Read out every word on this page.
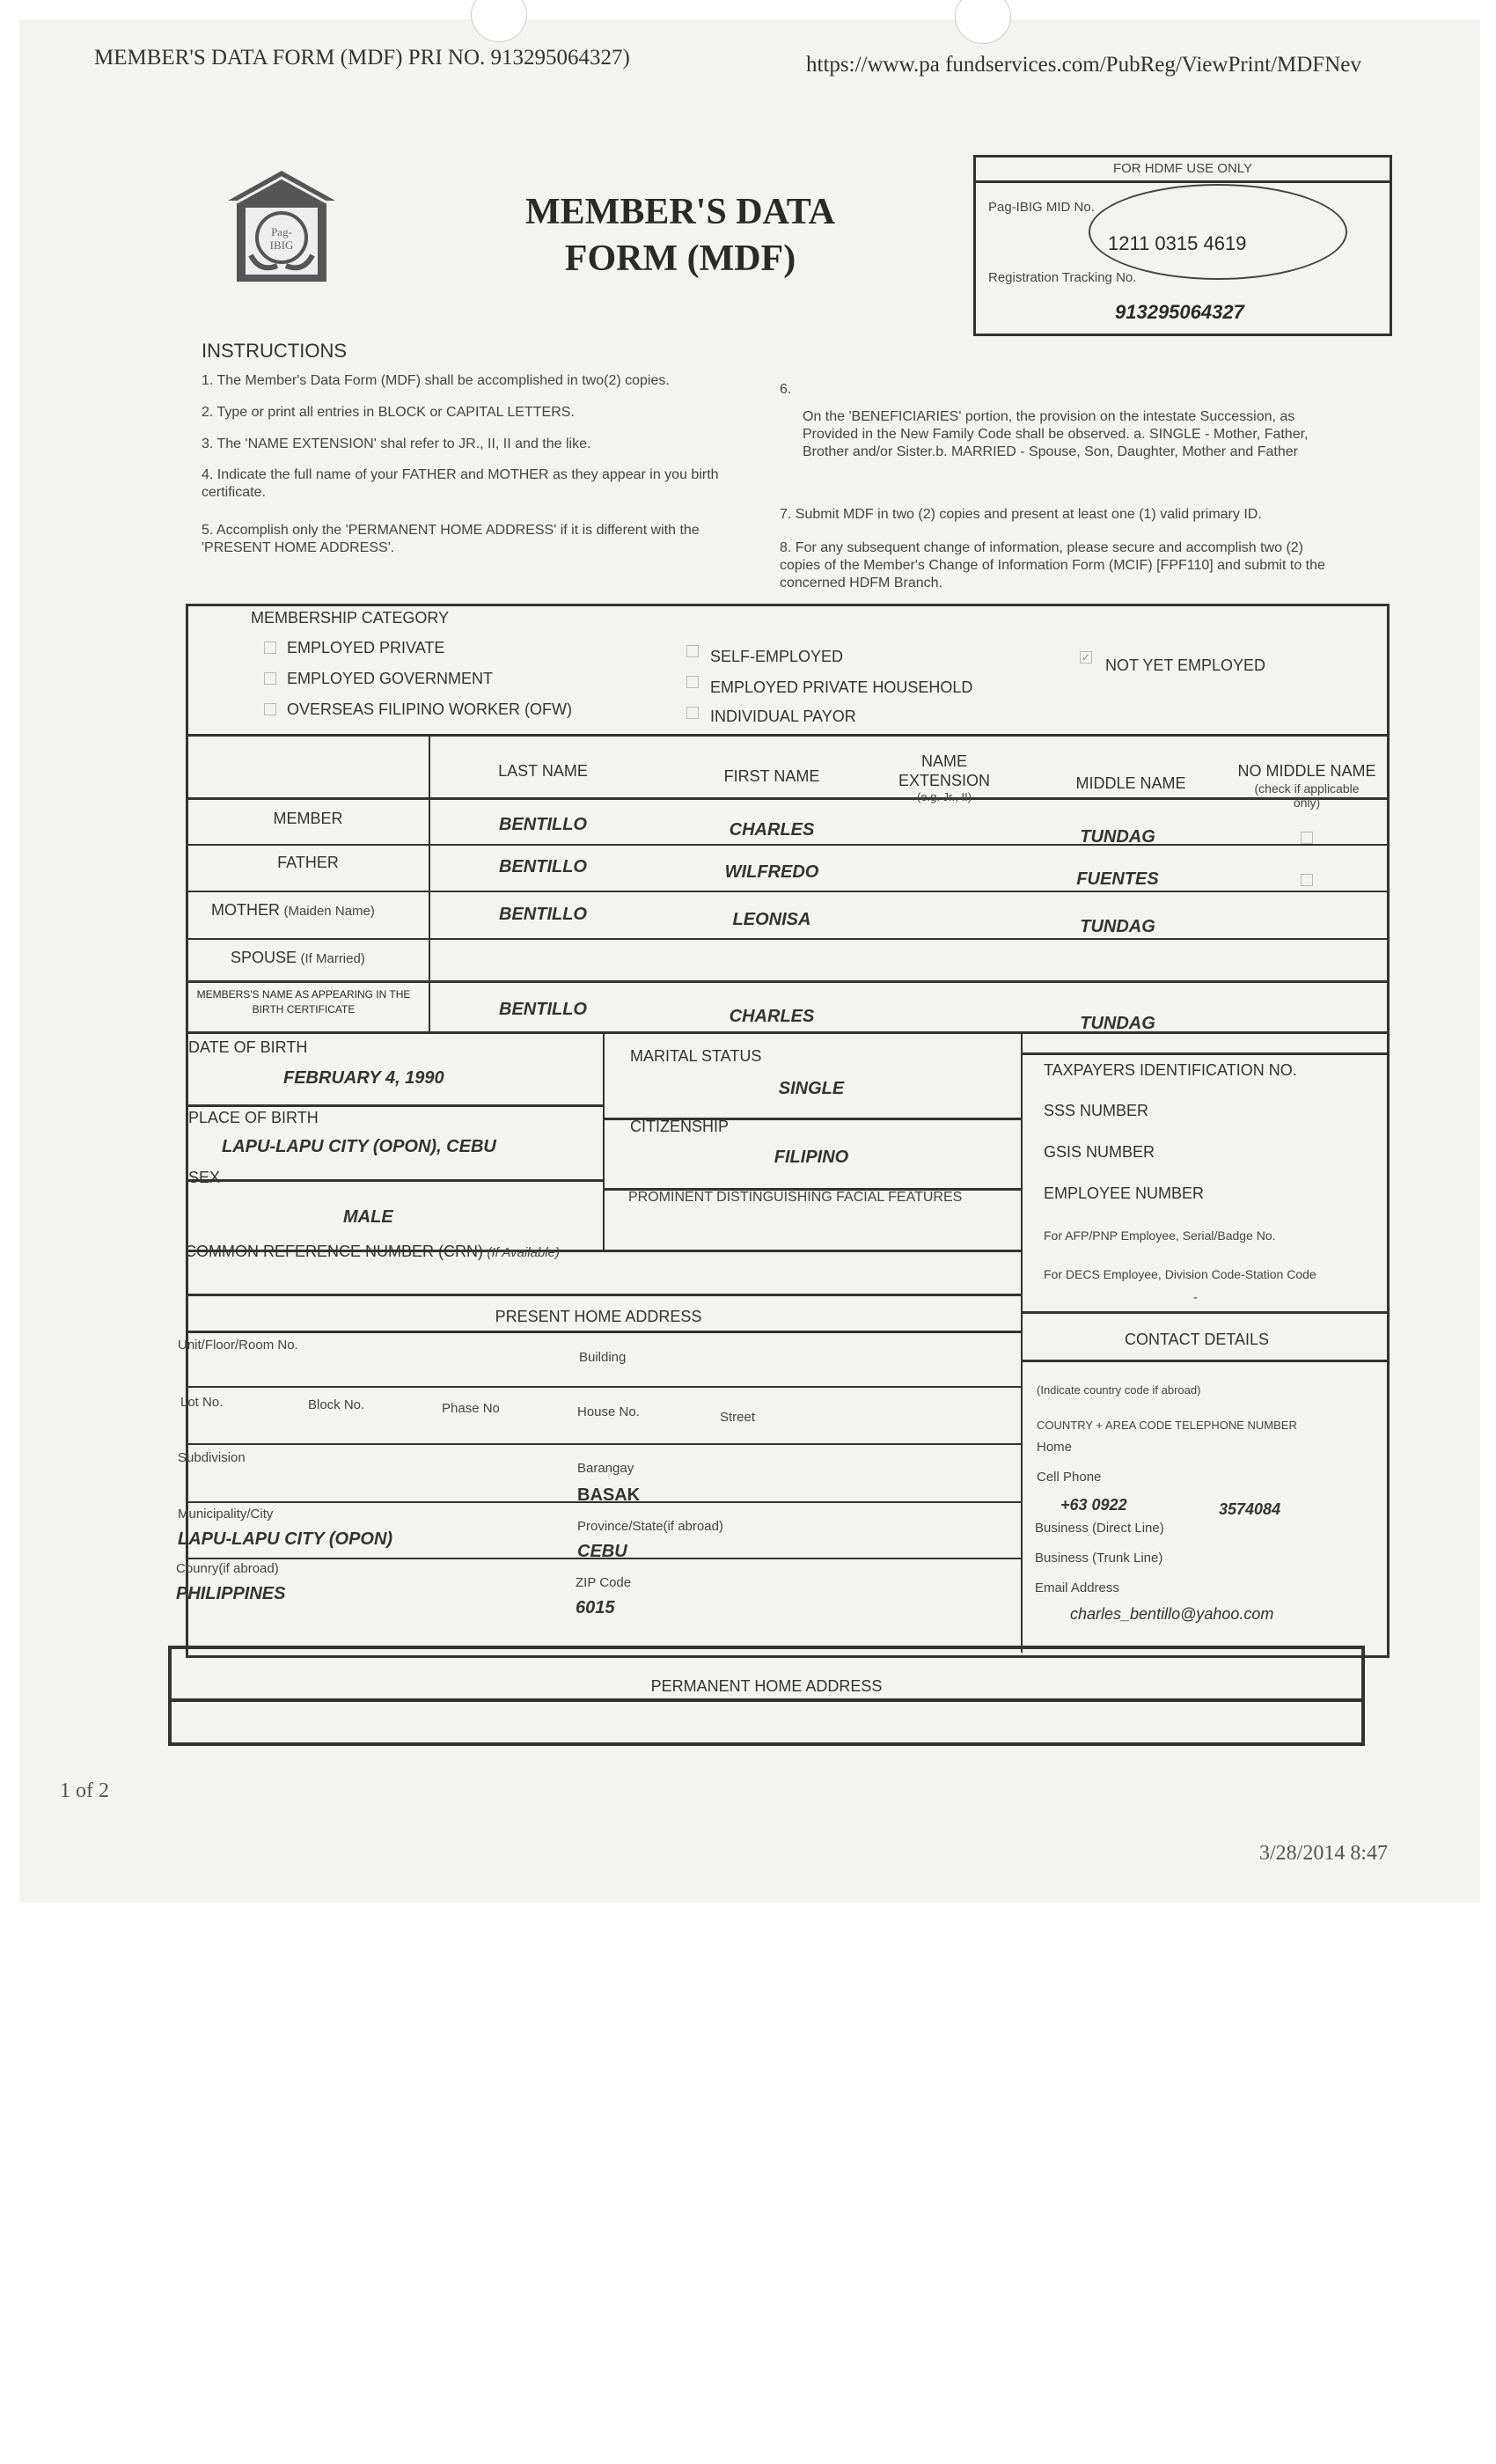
MEMBER'S DATA FORM (MDF) PRI NO. 913295064327)	https://www.pa fundservices.com/PubReg/ViewPrint/MDFNev
Pag-
IBIG
MEMBER'S DATA
FORM (MDF)
FOR HDMF USE ONLY
Pag-IBIG MID No.
1211 0315 4619
Registration Tracking No.
913295064327
INSTRUCTIONS
1. The Member's Data Form (MDF) shall be accomplished in two(2) copies.
2. Type or print all entries in BLOCK or CAPITAL LETTERS.
3. The 'NAME EXTENSION' shal refer to JR., II, II and the like.
4. Indicate the full name of your FATHER and MOTHER as they appear in you birth certificate.
5. Accomplish only the 'PERMANENT HOME ADDRESS' if it is different with the 'PRESENT HOME ADDRESS'.
6.
On the 'BENEFICIARIES' portion, the provision on the intestate Succession, as Provided in the New Family Code shall be observed. a. SINGLE - Mother, Father, Brother and/or Sister.b. MARRIED - Spouse, Son, Daughter, Mother and Father
7. Submit MDF in two (2) copies and present at least one (1) valid primary ID.
8. For any subsequent change of information, please secure and accomplish two (2) copies of the Member's Change of Information Form (MCIF) [FPF110] and submit to the concerned HDFM Branch.
MEMBERSHIP CATEGORY
EMPLOYED PRIVATE
EMPLOYED GOVERNMENT
OVERSEAS FILIPINO WORKER (OFW)
SELF-EMPLOYED
EMPLOYED PRIVATE HOUSEHOLD
INDIVIDUAL PAYOR
✓ NOT YET EMPLOYED
LAST NAME	FIRST NAME
NAME EXTENSION
(e.g. Jr., II)
MIDDLE NAME
NO MIDDLE NAME
(check if applicable only)
MEMBER	BENTILLO	CHARLES	TUNDAG
FATHER	BENTILLO	WILFREDO	FUENTES
MOTHER (Maiden Name)	BENTILLO	LEONISA	TUNDAG
SPOUSE (If Married)
MEMBERS'S NAME AS APPEARING IN THE BIRTH CERTIFICATE	BENTILLO	CHARLES	TUNDAG
DATE OF BIRTH
FEBRUARY 4, 1990
PLACE OF BIRTH
LAPU-LAPU CITY (OPON), CEBU
SEX
MALE
MARITAL STATUS
SINGLE
CITIZENSHIP
FILIPINO
PROMINENT DISTINGUISHING FACIAL FEATURES
COMMON REFERENCE NUMBER (CRN) (If Available)
TAXPAYERS IDENTIFICATION NO.
SSS NUMBER
GSIS NUMBER
EMPLOYEE NUMBER
For AFP/PNP Employee, Serial/Badge No.
For DECS Employee, Division Code-Station Code
-
PRESENT HOME ADDRESS
CONTACT DETAILS
Unit/Floor/Room No.
Building
Lot No.	Block No.	Phase No	House No.	Street
Subdivision
Barangay
BASAK
Municipality/City
LAPU-LAPU CITY (OPON)
Province/State(if abroad)
CEBU
Counry(if abroad)
PHILIPPINES
ZIP Code
6015
(Indicate country code if abroad)
COUNTRY + AREA CODE TELEPHONE NUMBER
Home
Cell Phone
+63 0922	3574084
Business (Direct Line)
Business (Trunk Line)
Email Address
charles_bentillo@yahoo.com
PERMANENT HOME ADDRESS
1 of 2
3/28/2014 8:47
